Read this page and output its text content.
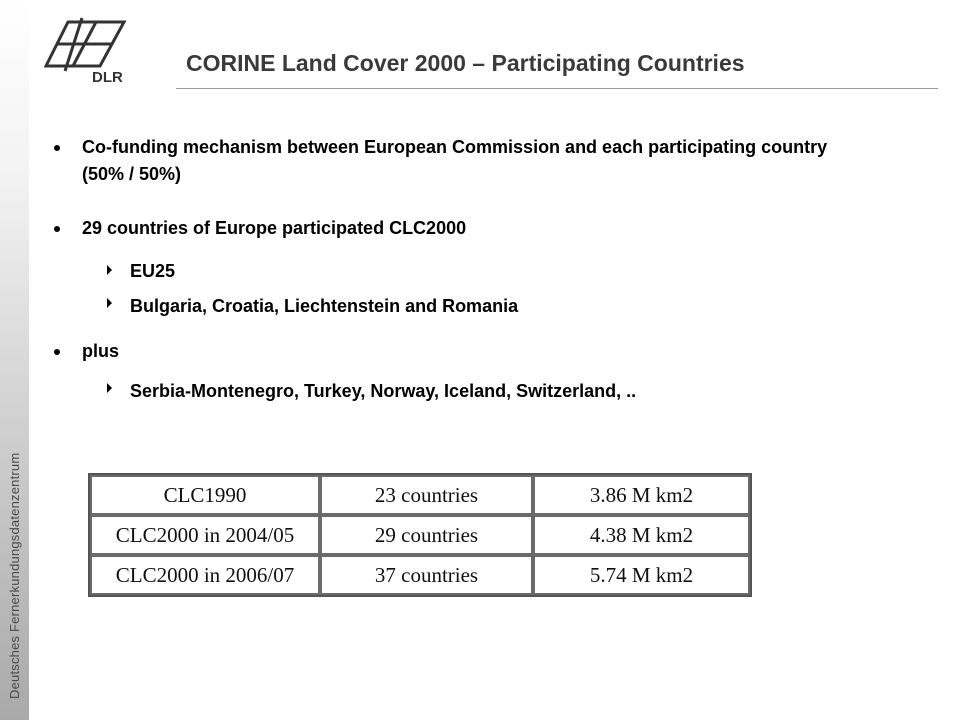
Deutsches Fernerkundungsdatenzentrum
DLR
CORINE Land Cover 2000 – Participating Countries
Co-funding mechanism between European Commission and each participating country (50% / 50%)
29 countries of Europe participated CLC2000
EU25
Bulgaria, Croatia, Liechtenstein and Romania
plus
Serbia-Montenegro, Turkey, Norway, Iceland, Switzerland, ..
CLC1990	23 countries	3.86 M km2
CLC2000 in 2004/05	29 countries	4.38 M km2
CLC2000 in 2006/07	37 countries	5.74 M km2
